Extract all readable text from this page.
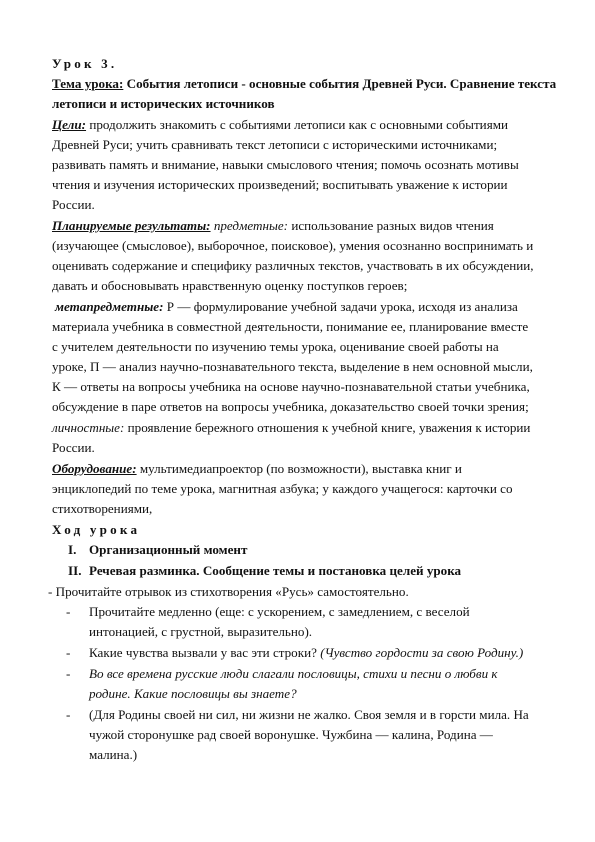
Урок 3.
Тема урока: События летописи - основные события Древней Руси. Сравнение текста
летописи и исторических источников
Цели: продолжить знакомить с событиями летописи как с основными событиями
Древней Руси; учить сравнивать текст летописи с историческими источниками;
развивать память и внимание, навыки смыслового чтения; помочь осознать мотивы
чтения и изучения исторических произведений; воспитывать уважение к истории
России.
Планируемые результаты: предметные: использование разных видов чтения
(изучающее (смысловое), выборочное, поисковое), умения осознанно воспринимать и
оценивать содержание и специфику различных текстов, участвовать в их обсуждении,
давать и обосновывать нравственную оценку поступков героев;
метапредметные: Р — формулирование учебной задачи урока, исходя из анализа
материала учебника в совместной деятельности, понимание ее, планирование вместе
с учителем деятельности по изучению темы урока, оценивание своей работы на
уроке, П — анализ научно-познавательного текста, выделение в нем основной мысли,
К — ответы на вопросы учебника на основе научно-познавательной статьи учебника,
обсуждение в паре ответов на вопросы учебника, доказательство своей точки зрения;
личностные: проявление бережного отношения к учебной книге, уважения к истории
России.
Оборудование: мультимедиапроектор (по возможности), выставка книг и
энциклопедий по теме урока, магнитная азбука; у каждого учащегося: карточки со
стихотворениями,
Ход урока
I. Организационный момент
II. Речевая разминка. Сообщение темы и постановка целей урока
- Прочитайте отрывок из стихотворения «Русь» самостоятельно.
- Прочитайте медленно (еще: с ускорением, с замедлением, с веселой
интонацией, с грустной, выразительно).
- Какие чувства вызвали у вас эти строки? (Чувство гордости за свою Родину.)
- Во все времена русские люди слагали пословицы, стихи и песни о любви к
родине. Какие пословицы вы знаете?
- (Для Родины своей ни сил, ни жизни не жалко. Своя земля и в горсти мила. На
чужой сторонушке рад своей воронушке. Чужбина — калина, Родина —
малина.)
